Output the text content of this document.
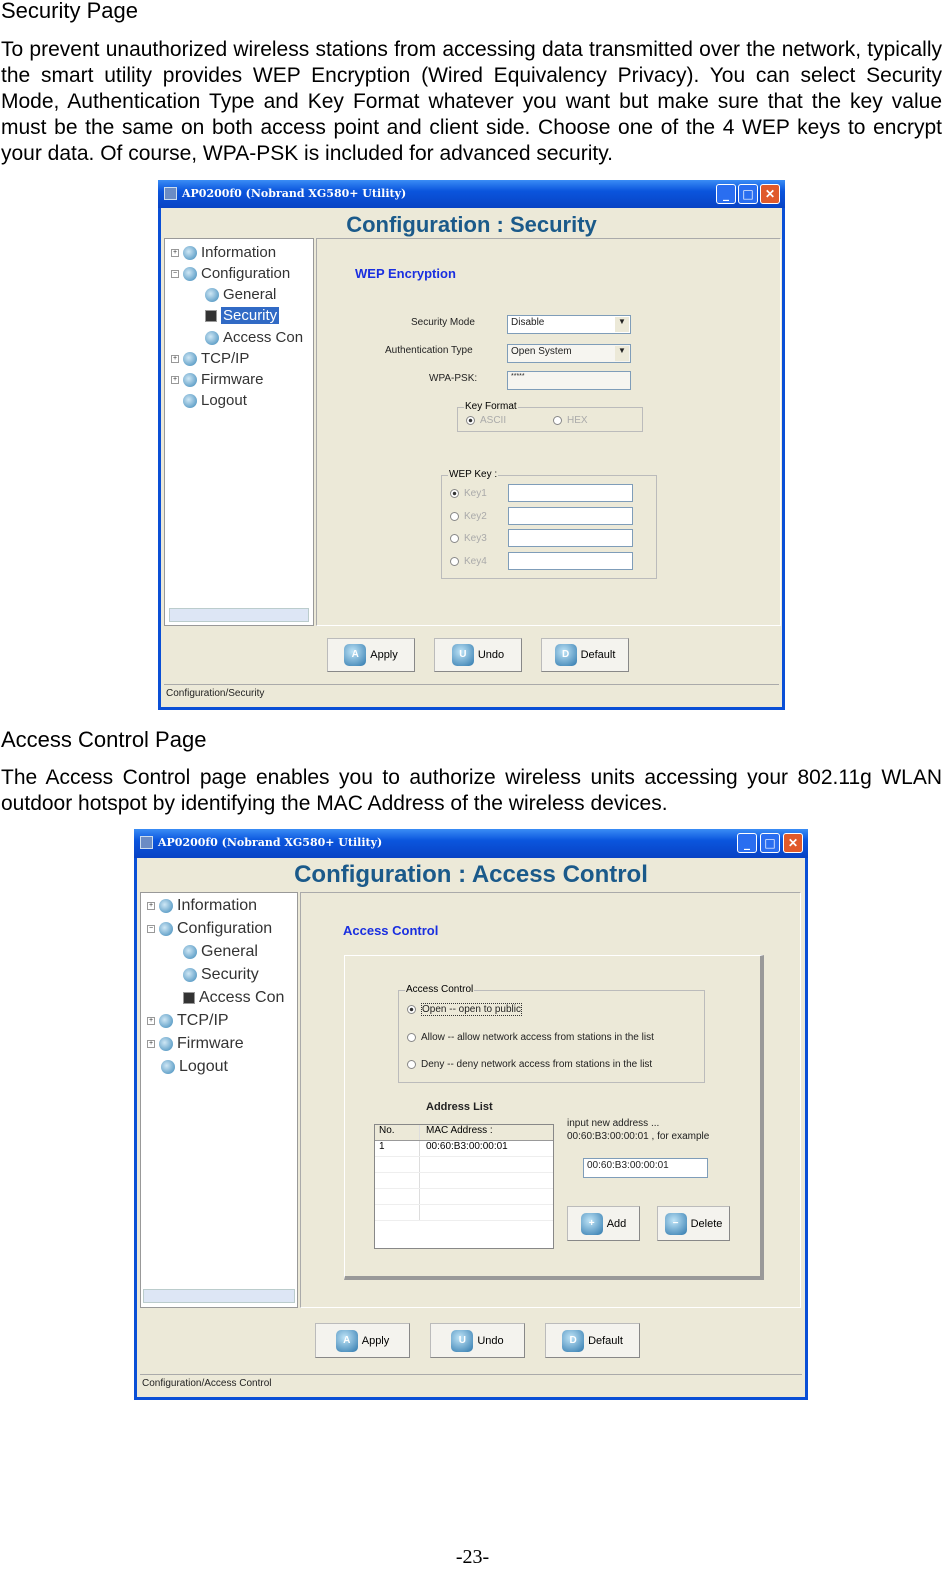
Security Page
To prevent unauthorized wireless stations from accessing data transmitted over the network, typically the smart utility provides WEP Encryption (Wired Equivalency Privacy). You can select Security Mode, Authentication Type and Key Format whatever you want but make sure that the key value must be the same on both access point and client side. Choose one of the 4 WEP keys to encrypt your data. Of course, WPA-PSK is included for advanced security.
AP0200f0 (Nobrand XG580+ Utility)	_	□ ✕
Configuration : Security
+ Information
− Configuration
General
Security
Access Con
+ TCP/IP
+ Firmware
Logout
WEP Encryption
Security Mode	Disable	▼
Authentication Type	Open System	▼
WPA-PSK:	*****
Key Format
ASCII	HEX
WEP Key :
Key1
Key2
Key3
Key4
A	Apply	U	Undo	D	Default
Configuration/Security
Access Control Page
The Access Control page enables you to authorize wireless units accessing your 802.11g WLAN outdoor hotspot by identifying the MAC Address of the wireless devices.
AP0200f0 (Nobrand XG580+ Utility)	_	□	✕
Configuration : Access Control
+ Information
− Configuration
General
Security
Access Con
+ TCP/IP
+ Firmware
Logout
Access Control
Access Control
Open -- open to public
Allow -- allow network access from stations in the list
Deny -- deny network access from stations in the list
Address List
No.	MAC Address :
1	00:60:B3:00:00:01
input new address ...
00:60:B3:00:00:01 , for example
00:60:B3:00:00:01
+	Add	−	Delete
A	Apply	U	Undo	D	Default
Configuration/Access Control
-23-
